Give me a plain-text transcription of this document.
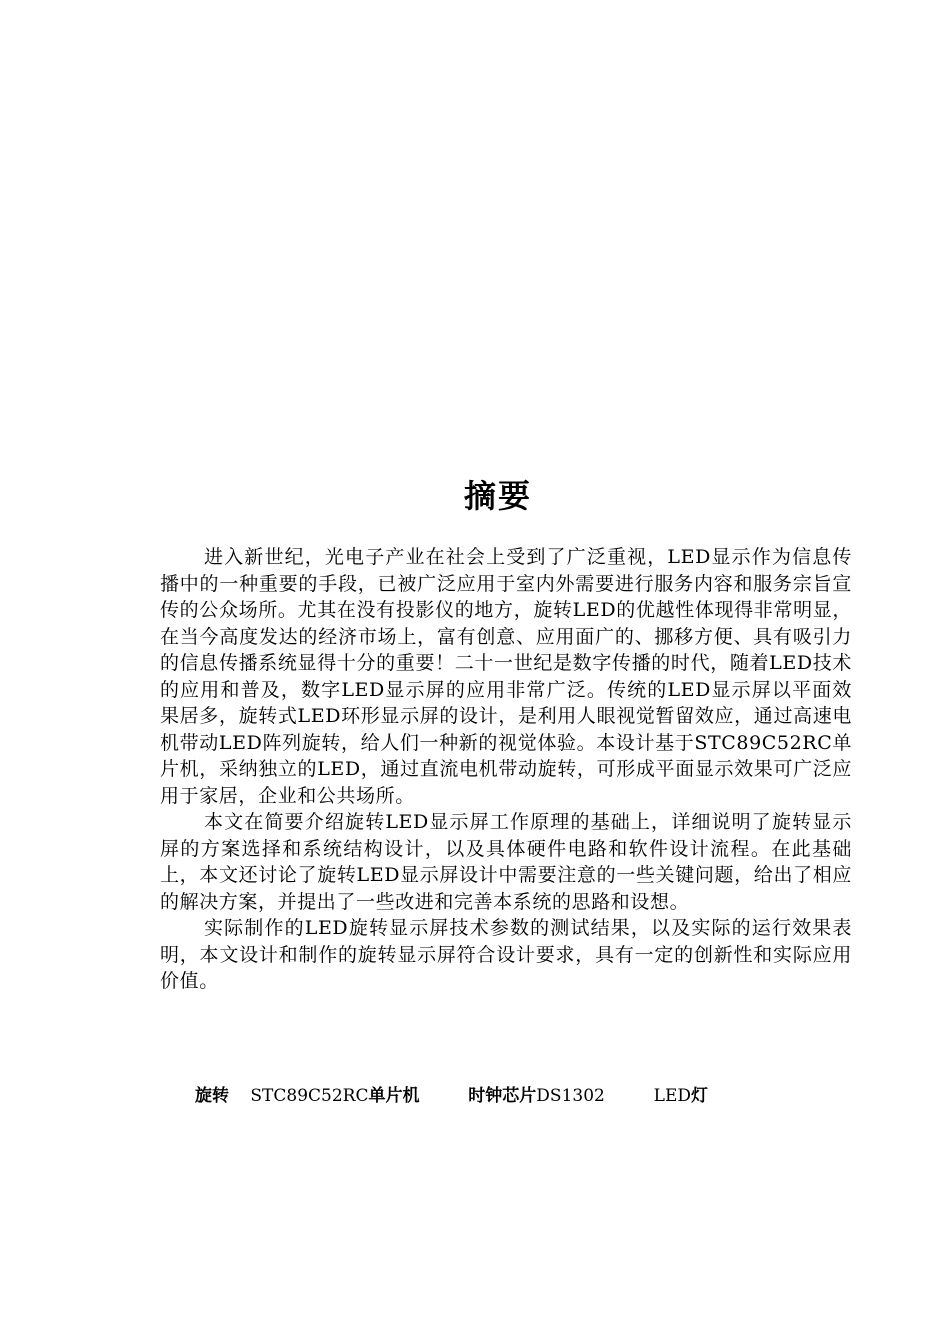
摘要

进入新世纪，光电子产业在社会上受到了广泛重视，LED显示作为信息传播中的一种重要的手段，已被广泛应用于室内外需要进行服务内容和服务宗旨宣传的公众场所。尤其在没有投影仪的地方，旋转LED的优越性体现得非常明显，在当今高度发达的经济市场上，富有创意、应用面广的、挪移方便、具有吸引力的信息传播系统显得十分的重要！二十一世纪是数字传播的时代，随着LED技术的应用和普及，数字LED显示屏的应用非常广泛。传统的LED显示屏以平面效果居多，旋转式LED环形显示屏的设计，是利用人眼视觉暂留效应，通过高速电机带动LED阵列旋转，给人们一种新的视觉体验。本设计基于STC89C52RC单片机，采纳独立的LED，通过直流电机带动旋转，可形成平面显示效果可广泛应用于家居，企业和公共场所。

本文在简要介绍旋转LED显示屏工作原理的基础上，详细说明了旋转显示屏的方案选择和系统结构设计，以及具体硬件电路和软件设计流程。在此基础上，本文还讨论了旋转LED显示屏设计中需要注意的一些关键问题，给出了相应的解决方案，并提出了一些改进和完善本系统的思路和设想。

实际制作的LED旋转显示屏技术参数的测试结果，以及实际的运行效果表明，本文设计和制作的旋转显示屏符合设计要求，具有一定的创新性和实际应用价值。

旋转 STC89C52RC单片机	时钟芯片DS1302	LED灯
